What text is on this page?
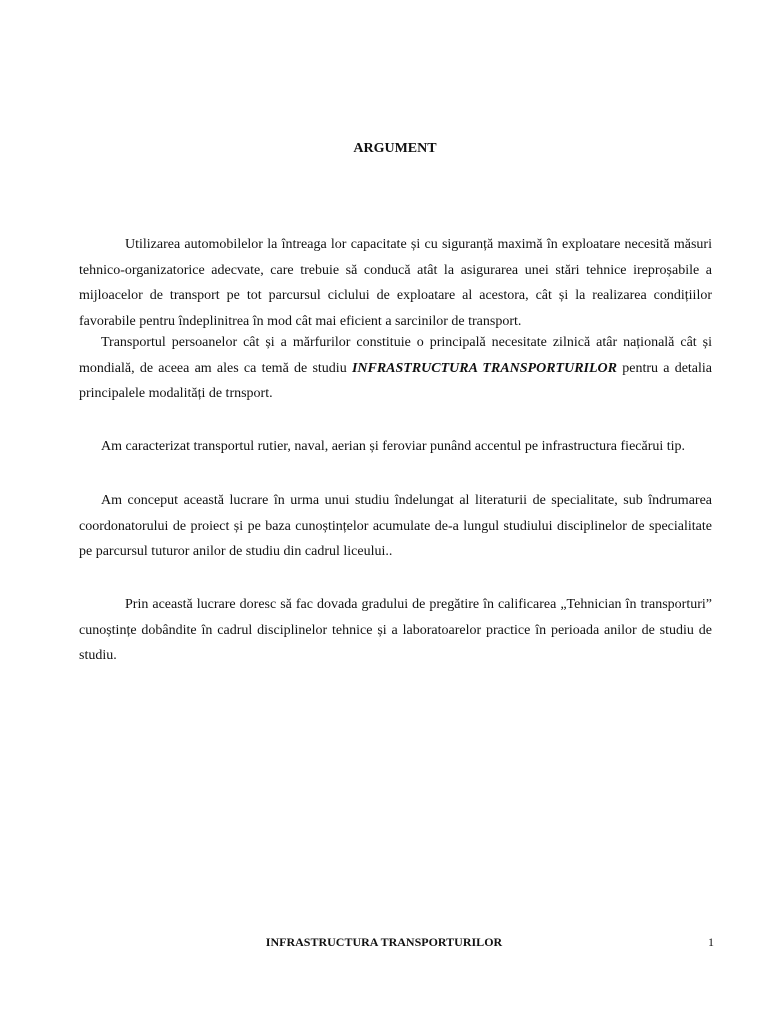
ARGUMENT

Utilizarea automobilelor la întreaga lor capacitate și cu siguranță maximă în exploatare necesită măsuri tehnico-organizatorice adecvate, care trebuie să conducă atât la asigurarea unei stări tehnice ireproșabile a mijloacelor de transport pe tot parcursul ciclului de exploatare al acestora, cât și la realizarea condițiilor favorabile pentru îndeplinitrea în mod cât mai eficient a sarcinilor de transport.

Transportul persoanelor cât și a mărfurilor constituie o principală necesitate zilnică atâr națională cât și mondială, de aceea am ales ca temă de studiu INFRASTRUCTURA TRANSPORTURILOR pentru a detalia principalele modalități de trnsport.

Am caracterizat transportul rutier, naval, aerian și feroviar punând accentul pe infrastructura fiecărui tip.

Am conceput această lucrare în urma unui studiu îndelungat al literaturii de specialitate, sub îndrumarea coordonatorului de proiect și pe baza cunoștințelor acumulate de-a lungul studiului disciplinelor de specialitate pe parcursul tuturor anilor de studiu din cadrul liceului..

Prin această lucrare doresc să fac dovada gradului de pregătire în calificarea „Tehnician în transporturi” cunoștințe dobândite în cadrul disciplinelor tehnice și a laboratoarelor practice în perioada anilor de studiu de studiu.

INFRASTRUCTURA TRANSPORTURILOR	1
